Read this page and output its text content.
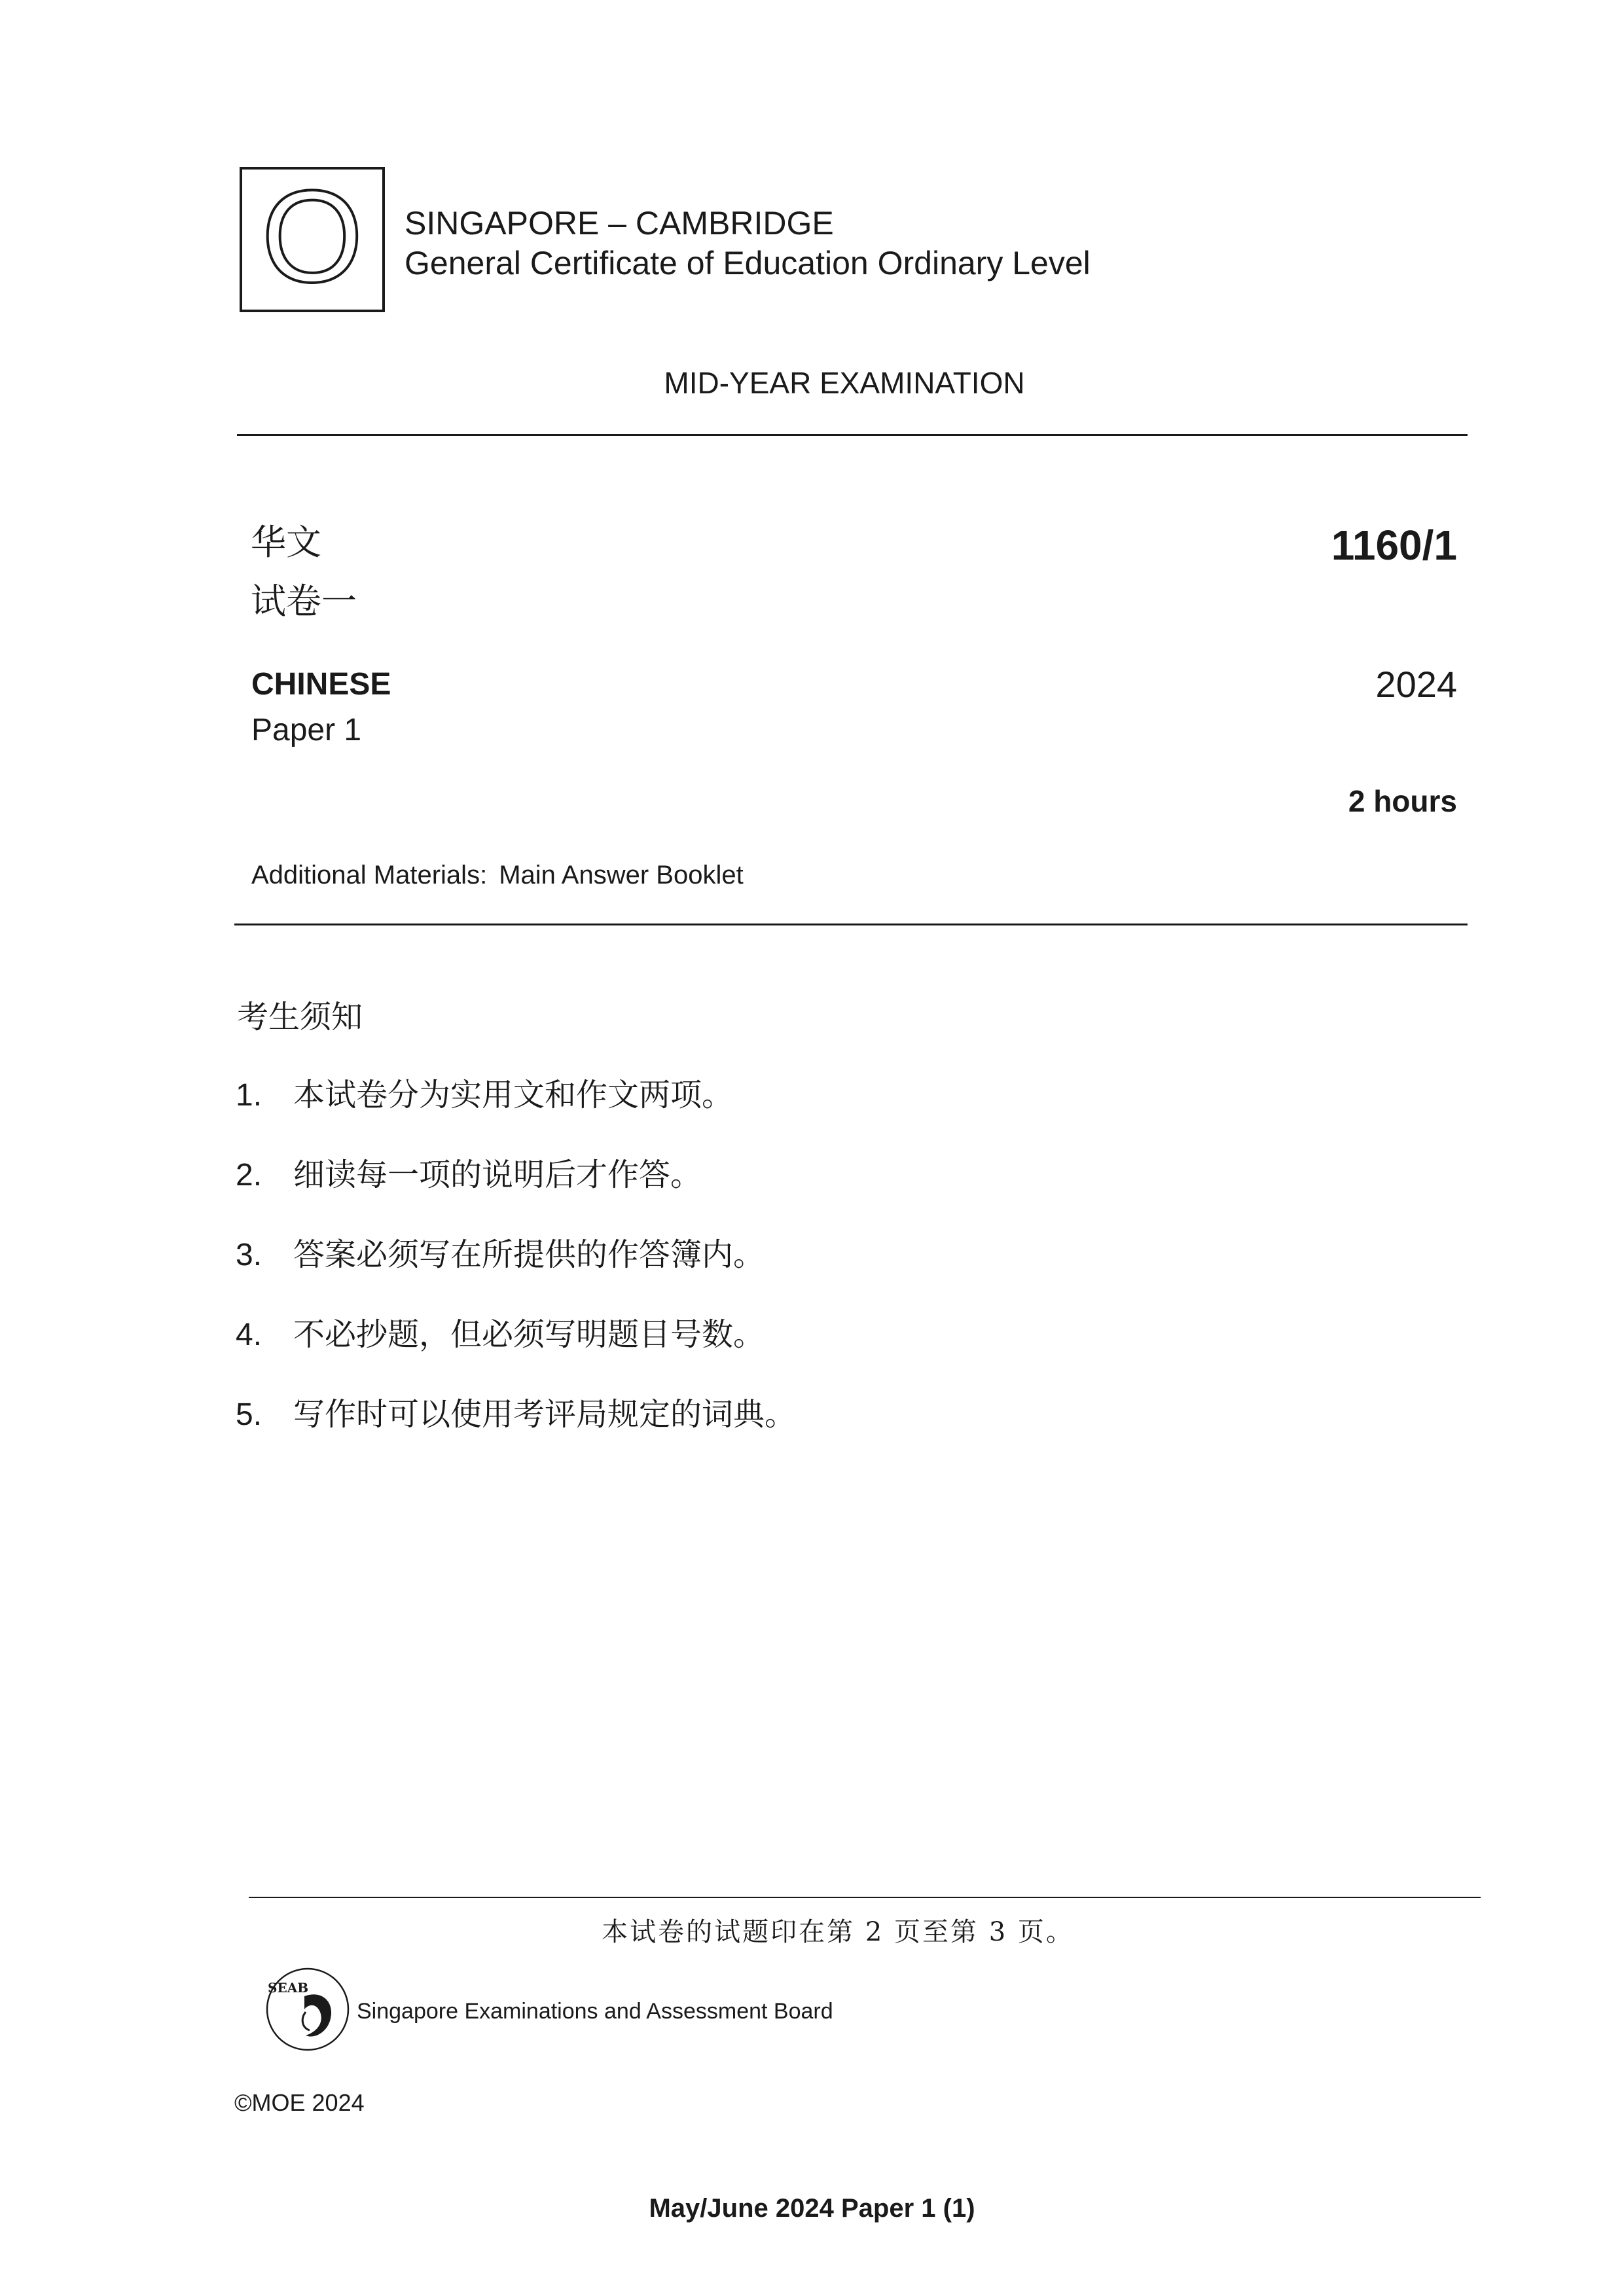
O SINGAPORE – CAMBRIDGE
General Certificate of Education Ordinary Level
MID-YEAR EXAMINATION
华文
试卷一
1160/1
CHINESE
Paper 1
2024
2 hours
Additional Materials: Main Answer Booklet
考生须知
1. 本试卷分为实用文和作文两项。
2. 细读每一项的说明后才作答。
3. 答案必须写在所提供的作答簿内。
4. 不必抄题，但必须写明题目号数。
5. 写作时可以使用考评局规定的词典。
本试卷的试题印在第 2 页至第 3 页。
SEAB
Singapore Examinations and Assessment Board
©MOE 2024
May/June 2024 Paper 1 (1)
